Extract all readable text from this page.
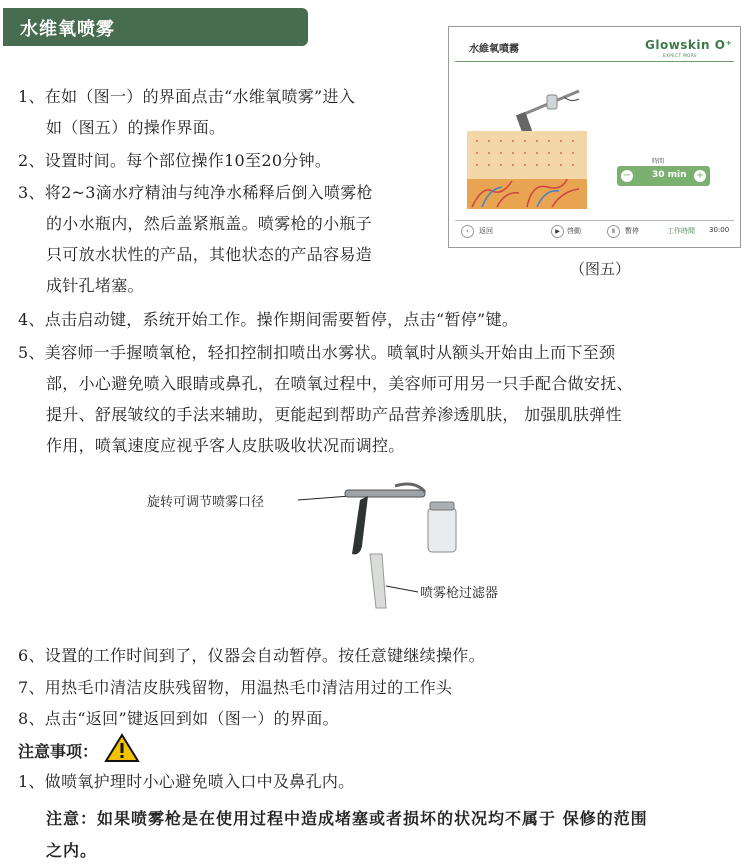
水维氧喷雾
1、在如（图一）的界面点击“水维氧喷雾”进入
如（图五）的操作界面。
2、设置时间。每个部位操作10至20分钟。
3、将2~3滴水疗精油与纯净水稀释后倒入喷雾枪
的小水瓶内，然后盖紧瓶盖。喷雾枪的小瓶子
只可放水状性的产品，其他状态的产品容易造
成针孔堵塞。
水維氧噴霧	Glowskin O⁺
EXPECT MORE
時間
− 30 min +
‹	返回	▶	啓動	Ⅱ	暫停	工作時間 30:00
（图五）
4、点击启动键，系统开始工作。操作期间需要暂停，点击“暂停”键。
5、美容师一手握喷氧枪，轻扣控制扣喷出水雾状。喷氧时从额头开始由上而下至颈
部，小心避免喷入眼睛或鼻孔，在喷氧过程中，美容师可用另一只手配合做安抚、
提升、舒展皱纹的手法来辅助，更能起到帮助产品营养渗透肌肤， 加强肌肤弹性
作用，喷氧速度应视乎客人皮肤吸收状况而调控。
旋转可调节喷雾口径
喷雾枪过滤器
6、设置的工作时间到了，仪器会自动暂停。按任意键继续操作。
7、用热毛巾清洁皮肤残留物，用温热毛巾清洁用过的工作头
8、点击“返回”键返回到如（图一）的界面。
注意事项：
1、做喷氧护理时小心避免喷入口中及鼻孔内。
注意：如果喷雾枪是在使用过程中造成堵塞或者损坏的状况均不属于 保修的范围
之内。
